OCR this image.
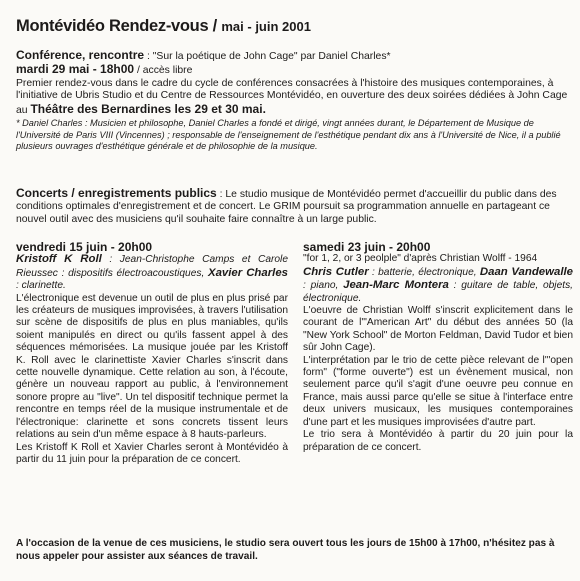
Montévidéo Rendez-vous / mai - juin 2001

Conférence, rencontre : "Sur la poétique de John Cage" par Daniel Charles*

mardi 29 mai - 18h00 / accès libre

Premier rendez-vous dans le cadre du cycle de conférences consacrées à l'histoire des musiques contemporaines, à l'initiative de Ubris Studio et du Centre de Ressources Montévidéo, en ouverture des deux soirées dédiées à John Cage au Théâtre des Bernardines les 29 et 30 mai.

* Daniel Charles : Musicien et philosophe, Daniel Charles a fondé et dirigé, vingt années durant, le Département de Musique de l'Université de Paris VIII (Vincennes) ; responsable de l'enseignement de l'esthétique pendant dix ans à l'Université de Nice, il a publié plusieurs ouvrages d'esthétique générale et de philosophie de la musique.

Concerts / enregistrements publics : Le studio musique de Montévidéo permet d'accueillir du public dans des conditions optimales d'enregistrement et de concert. Le GRIM poursuit sa programmation annuelle en partageant ce nouvel outil avec des musiciens qu'il souhaite faire connaître à un large public.

vendredi 15 juin - 20h00

Kristoff K Roll : Jean-Christophe Camps et Carole Rieussec : dispositifs électroacoustiques, Xavier Charles : clarinette.

L'électronique est devenue un outil de plus en plus prisé par les créateurs de musiques improvisées, à travers l'utilisation sur scène de dispositifs de plus en plus maniables, qu'ils soient manipulés en direct ou qu'ils fassent appel à des séquences mémorisées. La musique jouée par les Kristoff K. Roll avec le clarinettiste Xavier Charles s'inscrit dans cette nouvelle dynamique. Cette relation au son, à l'écoute, génère un nouveau rapport au public, à l'environnement sonore propre au "live". Un tel dispositif technique permet la rencontre en temps réel de la musique instrumentale et de l'électronique: clarinette et sons concrets tissent leurs relations au sein d'un même espace à 8 hauts-parleurs.

Les Kristoff K Roll et Xavier Charles seront à Montévidéo à partir du 11 juin pour la préparation de ce concert.

samedi 23 juin - 20h00

"for 1, 2, or 3 peolple" d'après Christian Wolff - 1964

Chris Cutler : batterie, électronique, Daan Vandewalle : piano, Jean-Marc Montera : guitare de table, objets, électronique.

L'oeuvre de Christian Wolff s'inscrit explicitement dans le courant de l'"American Art" du début des années 50 (la "New York School" de Morton Feldman, David Tudor et bien sûr John Cage).

L'interprétation par le trio de cette pièce relevant de l'"open form" ("forme ouverte") est un évènement musical, non seulement parce qu'il s'agit d'une oeuvre peu connue en France, mais aussi parce qu'elle se situe à l'interface entre deux univers musicaux, les musiques contemporaines d'une part et les musiques improvisées d'autre part.

Le trio sera à Montévidéo à partir du 20 juin pour la préparation de ce concert.

A l'occasion de la venue de ces musiciens, le studio sera ouvert tous les jours de 15h00 à 17h00, n'hésitez pas à nous appeler pour assister aux séances de travail.
